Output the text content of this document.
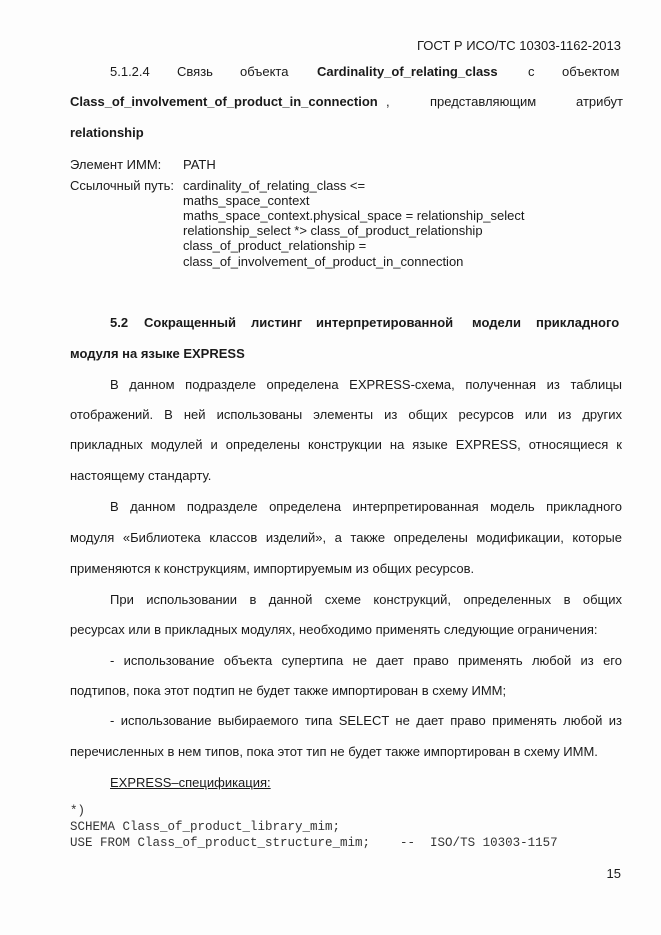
ГОСТ Р ИСО/ТС 10303-1162-2013
5.1.2.4 Связь объекта Cardinality_of_relating_class с объектом
Class_of_involvement_of_product_in_connection ,	представляющим	атрибут
relationship
Элемент ИММ: PATH
Ссылочный путь: cardinality_of_relating_class <=
maths_space_context
maths_space_context.physical_space = relationship_select
relationship_select *> class_of_product_relationship
class_of_product_relationship =
class_of_involvement_of_product_in_connection
5.2 Сокращенный листинг интерпретированной модели прикладного
модуля на языке EXPRESS
В данном подразделе определена EXPRESS-схема, полученная из таблицы
отображений. В ней использованы элементы из общих ресурсов или из других
прикладных модулей и определены конструкции на языке EXPRESS, относящиеся к
настоящему стандарту.
В данном подразделе определена интерпретированная модель прикладного
модуля «Библиотека классов изделий», а также определены модификации, которые
применяются к конструкциям, импортируемым из общих ресурсов.
При использовании в данной схеме конструкций, определенных в общих
ресурсах или в прикладных модулях, необходимо применять следующие ограничения:
- использование объекта супертипа не дает право применять любой из его
подтипов, пока этот подтип не будет также импортирован в схему ИММ;
- использование выбираемого типа SELECT не дает право применять любой из
перечисленных в нем типов, пока этот тип не будет также импортирован в схему ИММ.
EXPRESS–спецификация:
*)
SCHEMA Class_of_product_library_mim;
USE FROM Class_of_product_structure_mim;    --  ISO/TS 10303-1157
15
